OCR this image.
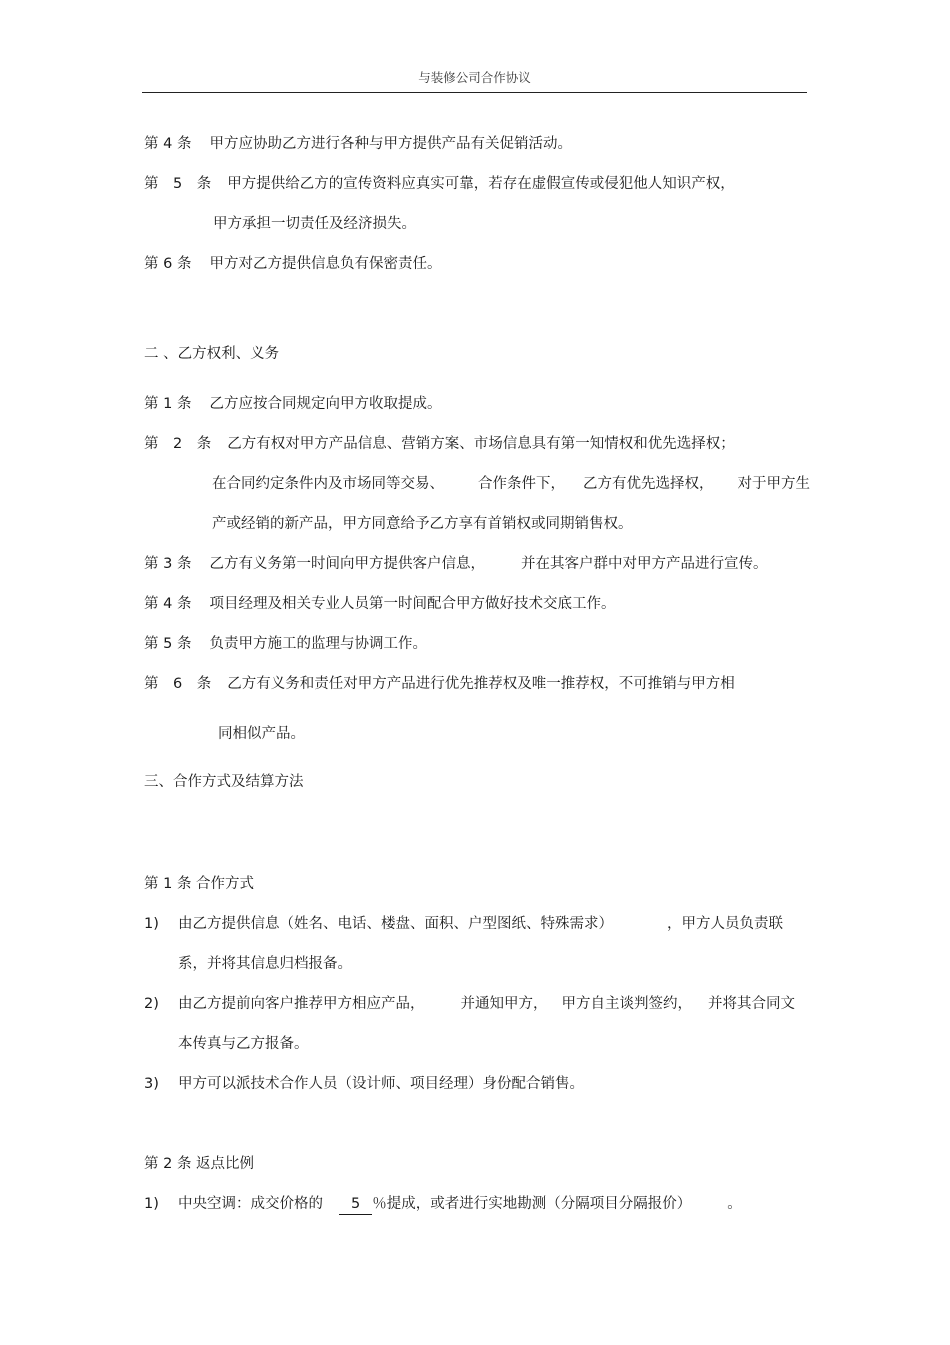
与装修公司合作协议
第 4 条 甲方应协助乙方进行各种与甲方提供产品有关促销活动。
第　5　条 甲方提供给乙方的宣传资料应真实可靠，若存在虚假宣传或侵犯他人知识产权，
甲方承担一切责任及经济损失。
第 6 条 甲方对乙方提供信息负有保密责任。
二 、乙方权利、义务
第 1 条 乙方应按合同规定向甲方收取提成。
第　2　条 乙方有权对甲方产品信息、营销方案、市场信息具有第一知情权和优先选择权；
在合同约定条件内及市场同等交易、 合作条件下， 乙方有优先选择权， 对于甲方生
产或经销的新产品，甲方同意给予乙方享有首销权或同期销售权。
第 3 条 乙方有义务第一时间向甲方提供客户信息， 并在其客户群中对甲方产品进行宣传。
第 4 条 项目经理及相关专业人员第一时间配合甲方做好技术交底工作。
第 5 条 负责甲方施工的监理与协调工作。
第　6　条 乙方有义务和责任对甲方产品进行优先推荐权及唯一推荐权，不可推销与甲方相
同相似产品。
三、合作方式及结算方法
第 1 条 合作方式
1) 由乙方提供信息（姓名、电话、楼盘、面积、户型图纸、特殊需求）	，甲方人员负责联
系，并将其信息归档报备。
2) 由乙方提前向客户推荐甲方相应产品， 并通知甲方， 甲方自主谈判签约， 并将其合同文
本传真与乙方报备。
3) 甲方可以派技术合作人员（设计师、项目经理）身份配合销售。
第 2 条 返点比例
1) 中央空调：成交价格的 5 ％提成，或者进行实地勘测（分隔项目分隔报价） 。
